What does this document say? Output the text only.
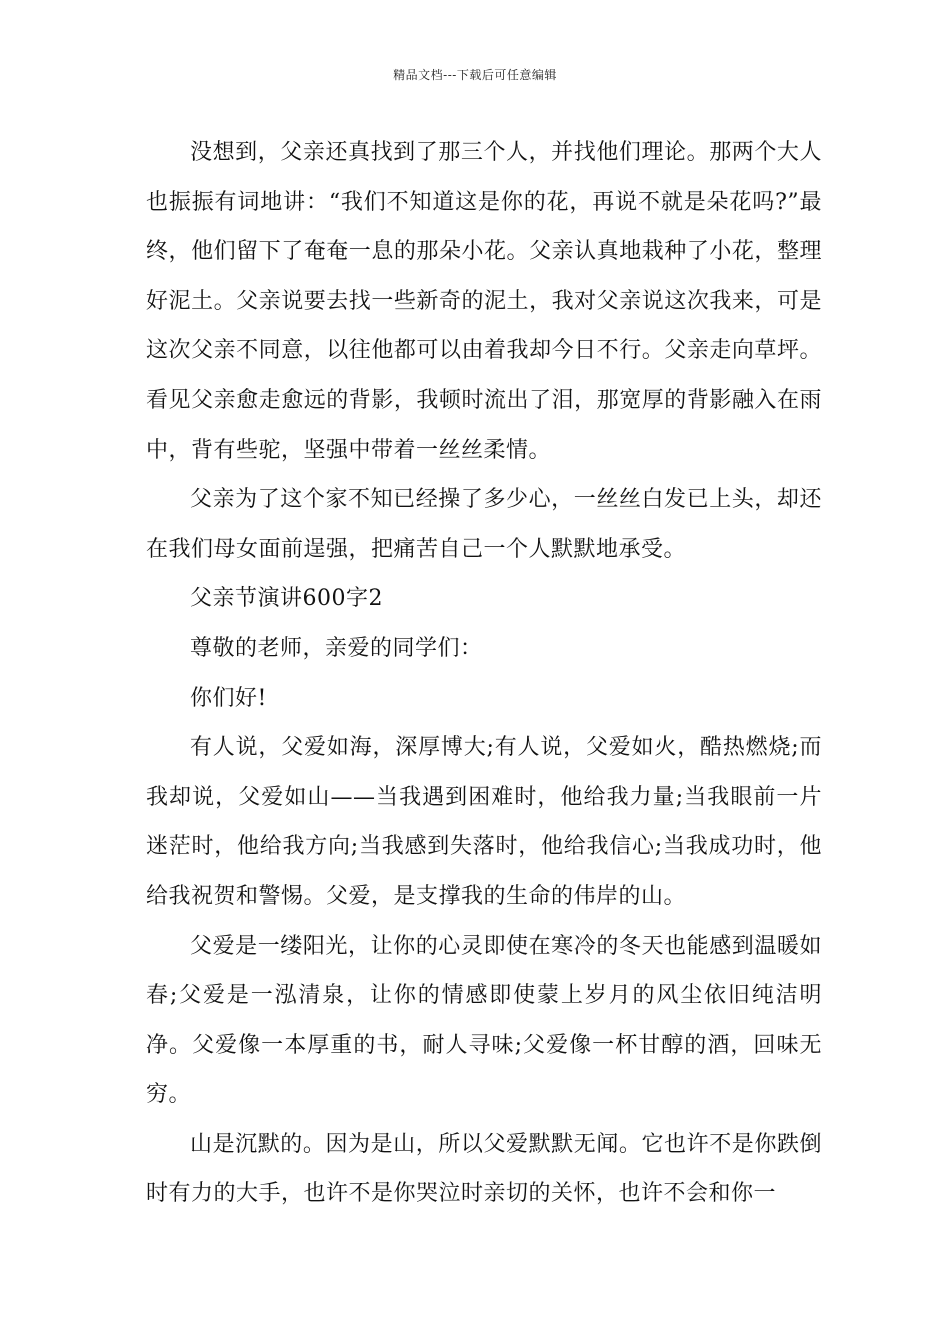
精品文档---下载后可任意编辑

没想到，父亲还真找到了那三个人，并找他们理论。那两个大人也振振有词地讲：“我们不知道这是你的花，再说不就是朵花吗?”最终，他们留下了奄奄一息的那朵小花。父亲认真地栽种了小花，整理好泥土。父亲说要去找一些新奇的泥土，我对父亲说这次我来，可是这次父亲不同意，以往他都可以由着我却今日不行。父亲走向草坪。看见父亲愈走愈远的背影，我顿时流出了泪，那宽厚的背影融入在雨中，背有些驼，坚强中带着一丝丝柔情。

父亲为了这个家不知已经操了多少心，一丝丝白发已上头，却还在我们母女面前逞强，把痛苦自己一个人默默地承受。

父亲节演讲600字2

尊敬的老师，亲爱的同学们：

你们好!

有人说，父爱如海，深厚博大;有人说，父爱如火，酷热燃烧;而我却说，父爱如山——当我遇到困难时，他给我力量;当我眼前一片迷茫时，他给我方向;当我感到失落时，他给我信心;当我成功时，他给我祝贺和警惕。父爱，是支撑我的生命的伟岸的山。

父爱是一缕阳光，让你的心灵即使在寒冷的冬天也能感到温暖如春;父爱是一泓清泉，让你的情感即使蒙上岁月的风尘依旧纯洁明净。父爱像一本厚重的书，耐人寻味;父爱像一杯甘醇的酒，回味无穷。

山是沉默的。因为是山，所以父爱默默无闻。它也许不是你跌倒时有力的大手，也许不是你哭泣时亲切的关怀，也许不会和你一
